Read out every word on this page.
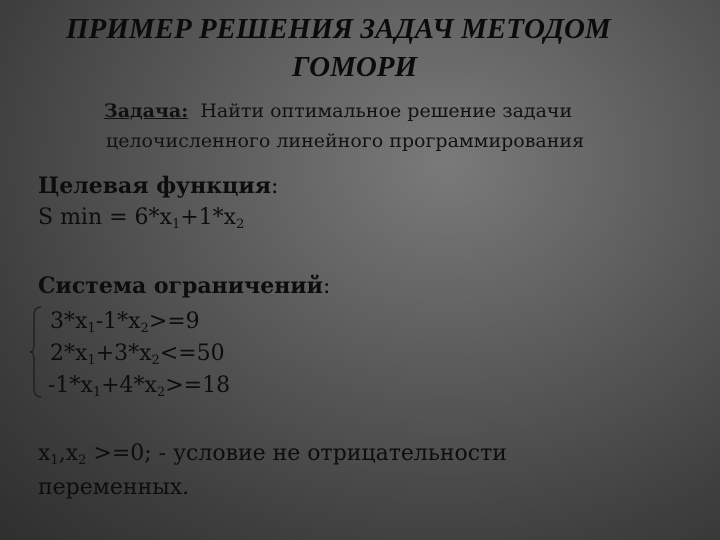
ПРИМЕР РЕШЕНИЯ ЗАДАЧ МЕТОДОМ
ГОМОРИ
Задача: Найти оптимальное решение задачи
целочисленного линейного программирования
Целевая функция:
S $\min = 6*x_1+1*x_2$
Система ограничений:
$3*x_1-1*x_2>=9$
$2*x_1+3*x_2<=50$
$-1*x_1+4*x_2>=18$
$x_1,x_2 >=0$; - условие не отрицательности
переменных.
